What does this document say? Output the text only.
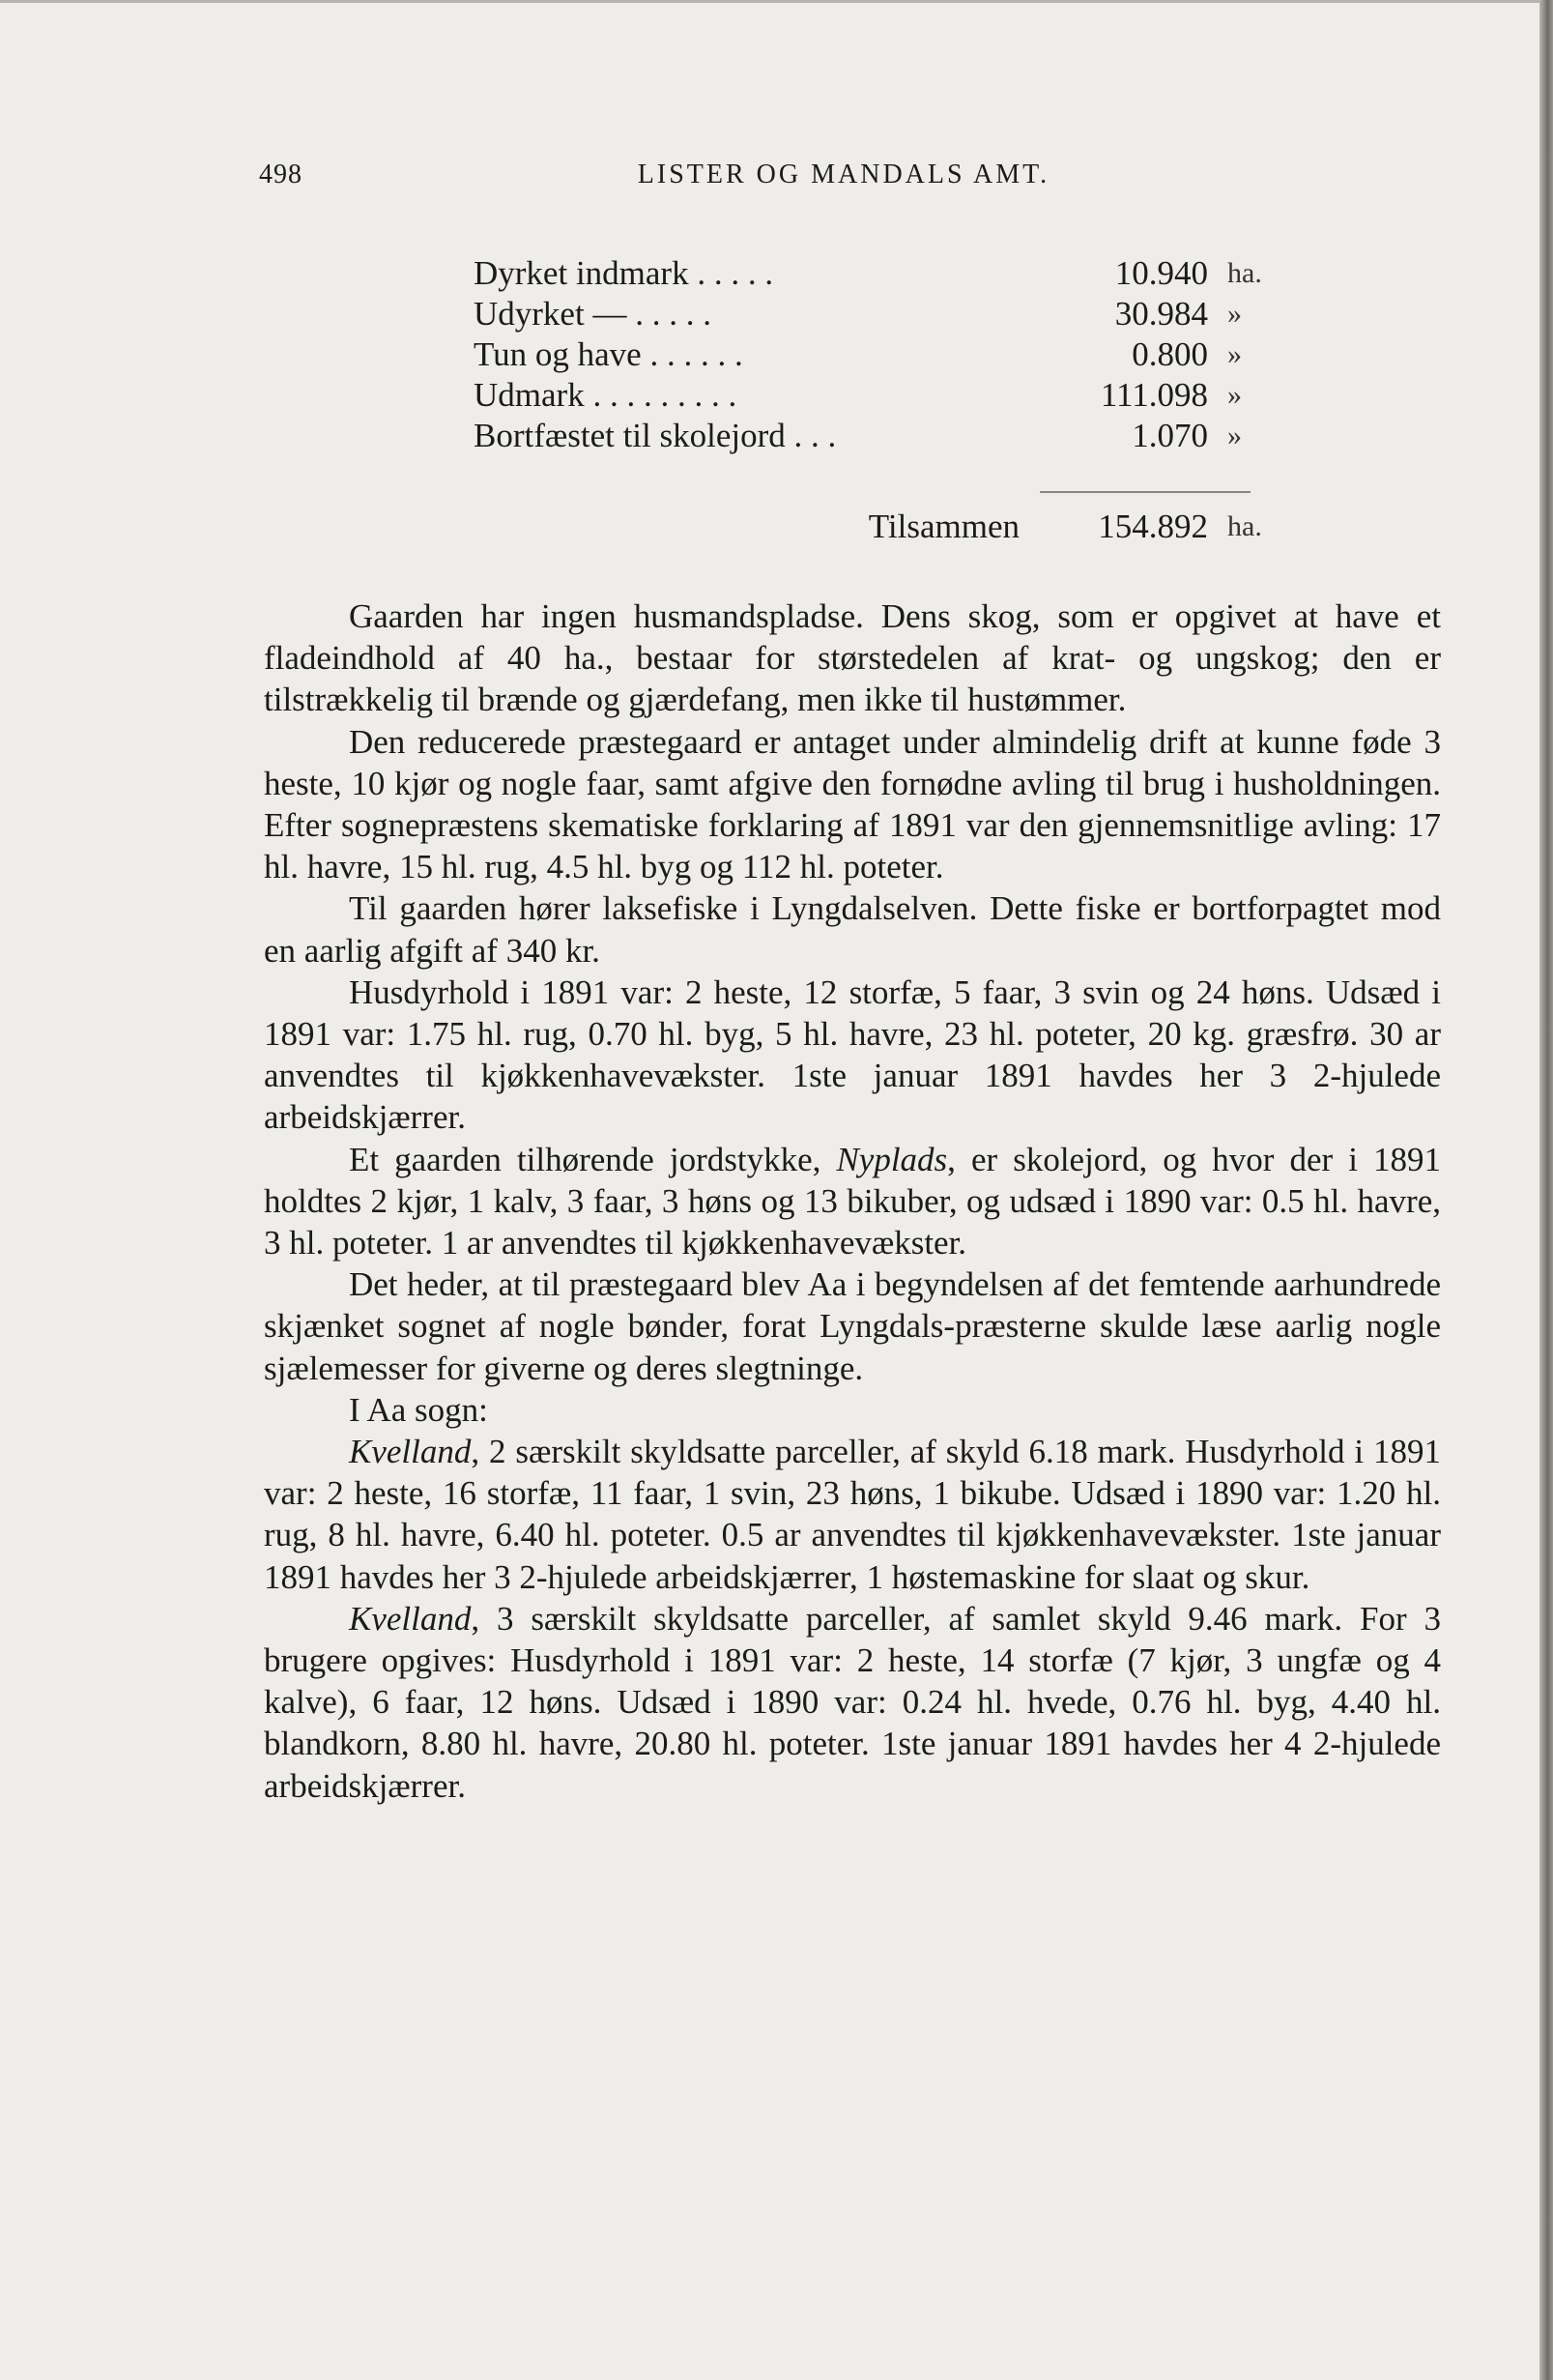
498	LISTER OG MANDALS AMT.
Dyrket indmark . . . . .	10.940 ha.
Udyrket — . . . . .	30.984 »
Tun og have . . . . . .	0.800 »
Udmark . . . . . . . . .	111.098 »
Bortfæstet til skolejord . . .	1.070 »
Tilsammen	154.892 ha.

Gaarden har ingen husmandspladse. Dens skog, som er opgivet at have et fladeindhold af 40 ha., bestaar for størstedelen af krat- og ungskog; den er tilstrækkelig til brænde og gjærdefang, men ikke til hustømmer.

Den reducerede præstegaard er antaget under almindelig drift at kunne føde 3 heste, 10 kjør og nogle faar, samt afgive den fornødne avling til brug i husholdningen. Efter sognepræstens skematiske forklaring af 1891 var den gjennemsnitlige avling: 17 hl. havre, 15 hl. rug, 4.5 hl. byg og 112 hl. poteter.

Til gaarden hører laksefiske i Lyngdalselven. Dette fiske er bortforpagtet mod en aarlig afgift af 340 kr.

Husdyrhold i 1891 var: 2 heste, 12 storfæ, 5 faar, 3 svin og 24 høns. Udsæd i 1891 var: 1.75 hl. rug, 0.70 hl. byg, 5 hl. havre, 23 hl. poteter, 20 kg. græsfrø. 30 ar anvendtes til kjøkkenhavevækster. 1ste januar 1891 havdes her 3 2-hjulede arbeidskjærrer.

Et gaarden tilhørende jordstykke, Nyplads, er skolejord, og hvor der i 1891 holdtes 2 kjør, 1 kalv, 3 faar, 3 høns og 13 bikuber, og udsæd i 1890 var: 0.5 hl. havre, 3 hl. poteter. 1 ar anvendtes til kjøkkenhavevækster.

Det heder, at til præstegaard blev Aa i begyndelsen af det femtende aarhundrede skjænket sognet af nogle bønder, forat Lyngdals-præsterne skulde læse aarlig nogle sjælemesser for giverne og deres slegtninge.

I Aa sogn:

Kvelland, 2 særskilt skyldsatte parceller, af skyld 6.18 mark. Husdyrhold i 1891 var: 2 heste, 16 storfæ, 11 faar, 1 svin, 23 høns, 1 bikube. Udsæd i 1890 var: 1.20 hl. rug, 8 hl. havre, 6.40 hl. poteter. 0.5 ar anvendtes til kjøkkenhavevækster. 1ste januar 1891 havdes her 3 2-hjulede arbeidskjærrer, 1 høstemaskine for slaat og skur.

Kvelland, 3 særskilt skyldsatte parceller, af samlet skyld 9.46 mark. For 3 brugere opgives: Husdyrhold i 1891 var: 2 heste, 14 storfæ (7 kjør, 3 ungfæ og 4 kalve), 6 faar, 12 høns. Udsæd i 1890 var: 0.24 hl. hvede, 0.76 hl. byg, 4.40 hl. blandkorn, 8.80 hl. havre, 20.80 hl. poteter. 1ste januar 1891 havdes her 4 2-hjulede arbeidskjærrer.
